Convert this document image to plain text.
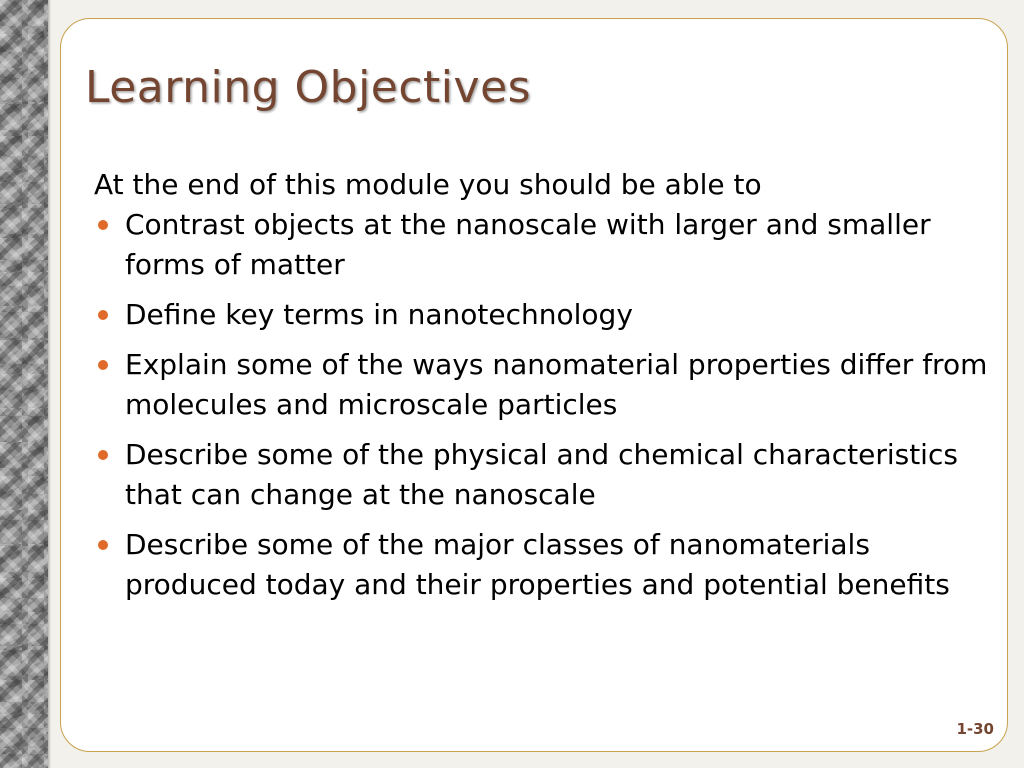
Learning Objectives

At the end of this module you should be able to

Contrast objects at the nanoscale with larger and smaller forms of matter
Define key terms in nanotechnology
Explain some of the ways nanomaterial properties differ from molecules and microscale particles
Describe some of the physical and chemical characteristics that can change at the nanoscale
Describe some of the major classes of nanomaterials produced today and their properties and potential benefits
1-30
